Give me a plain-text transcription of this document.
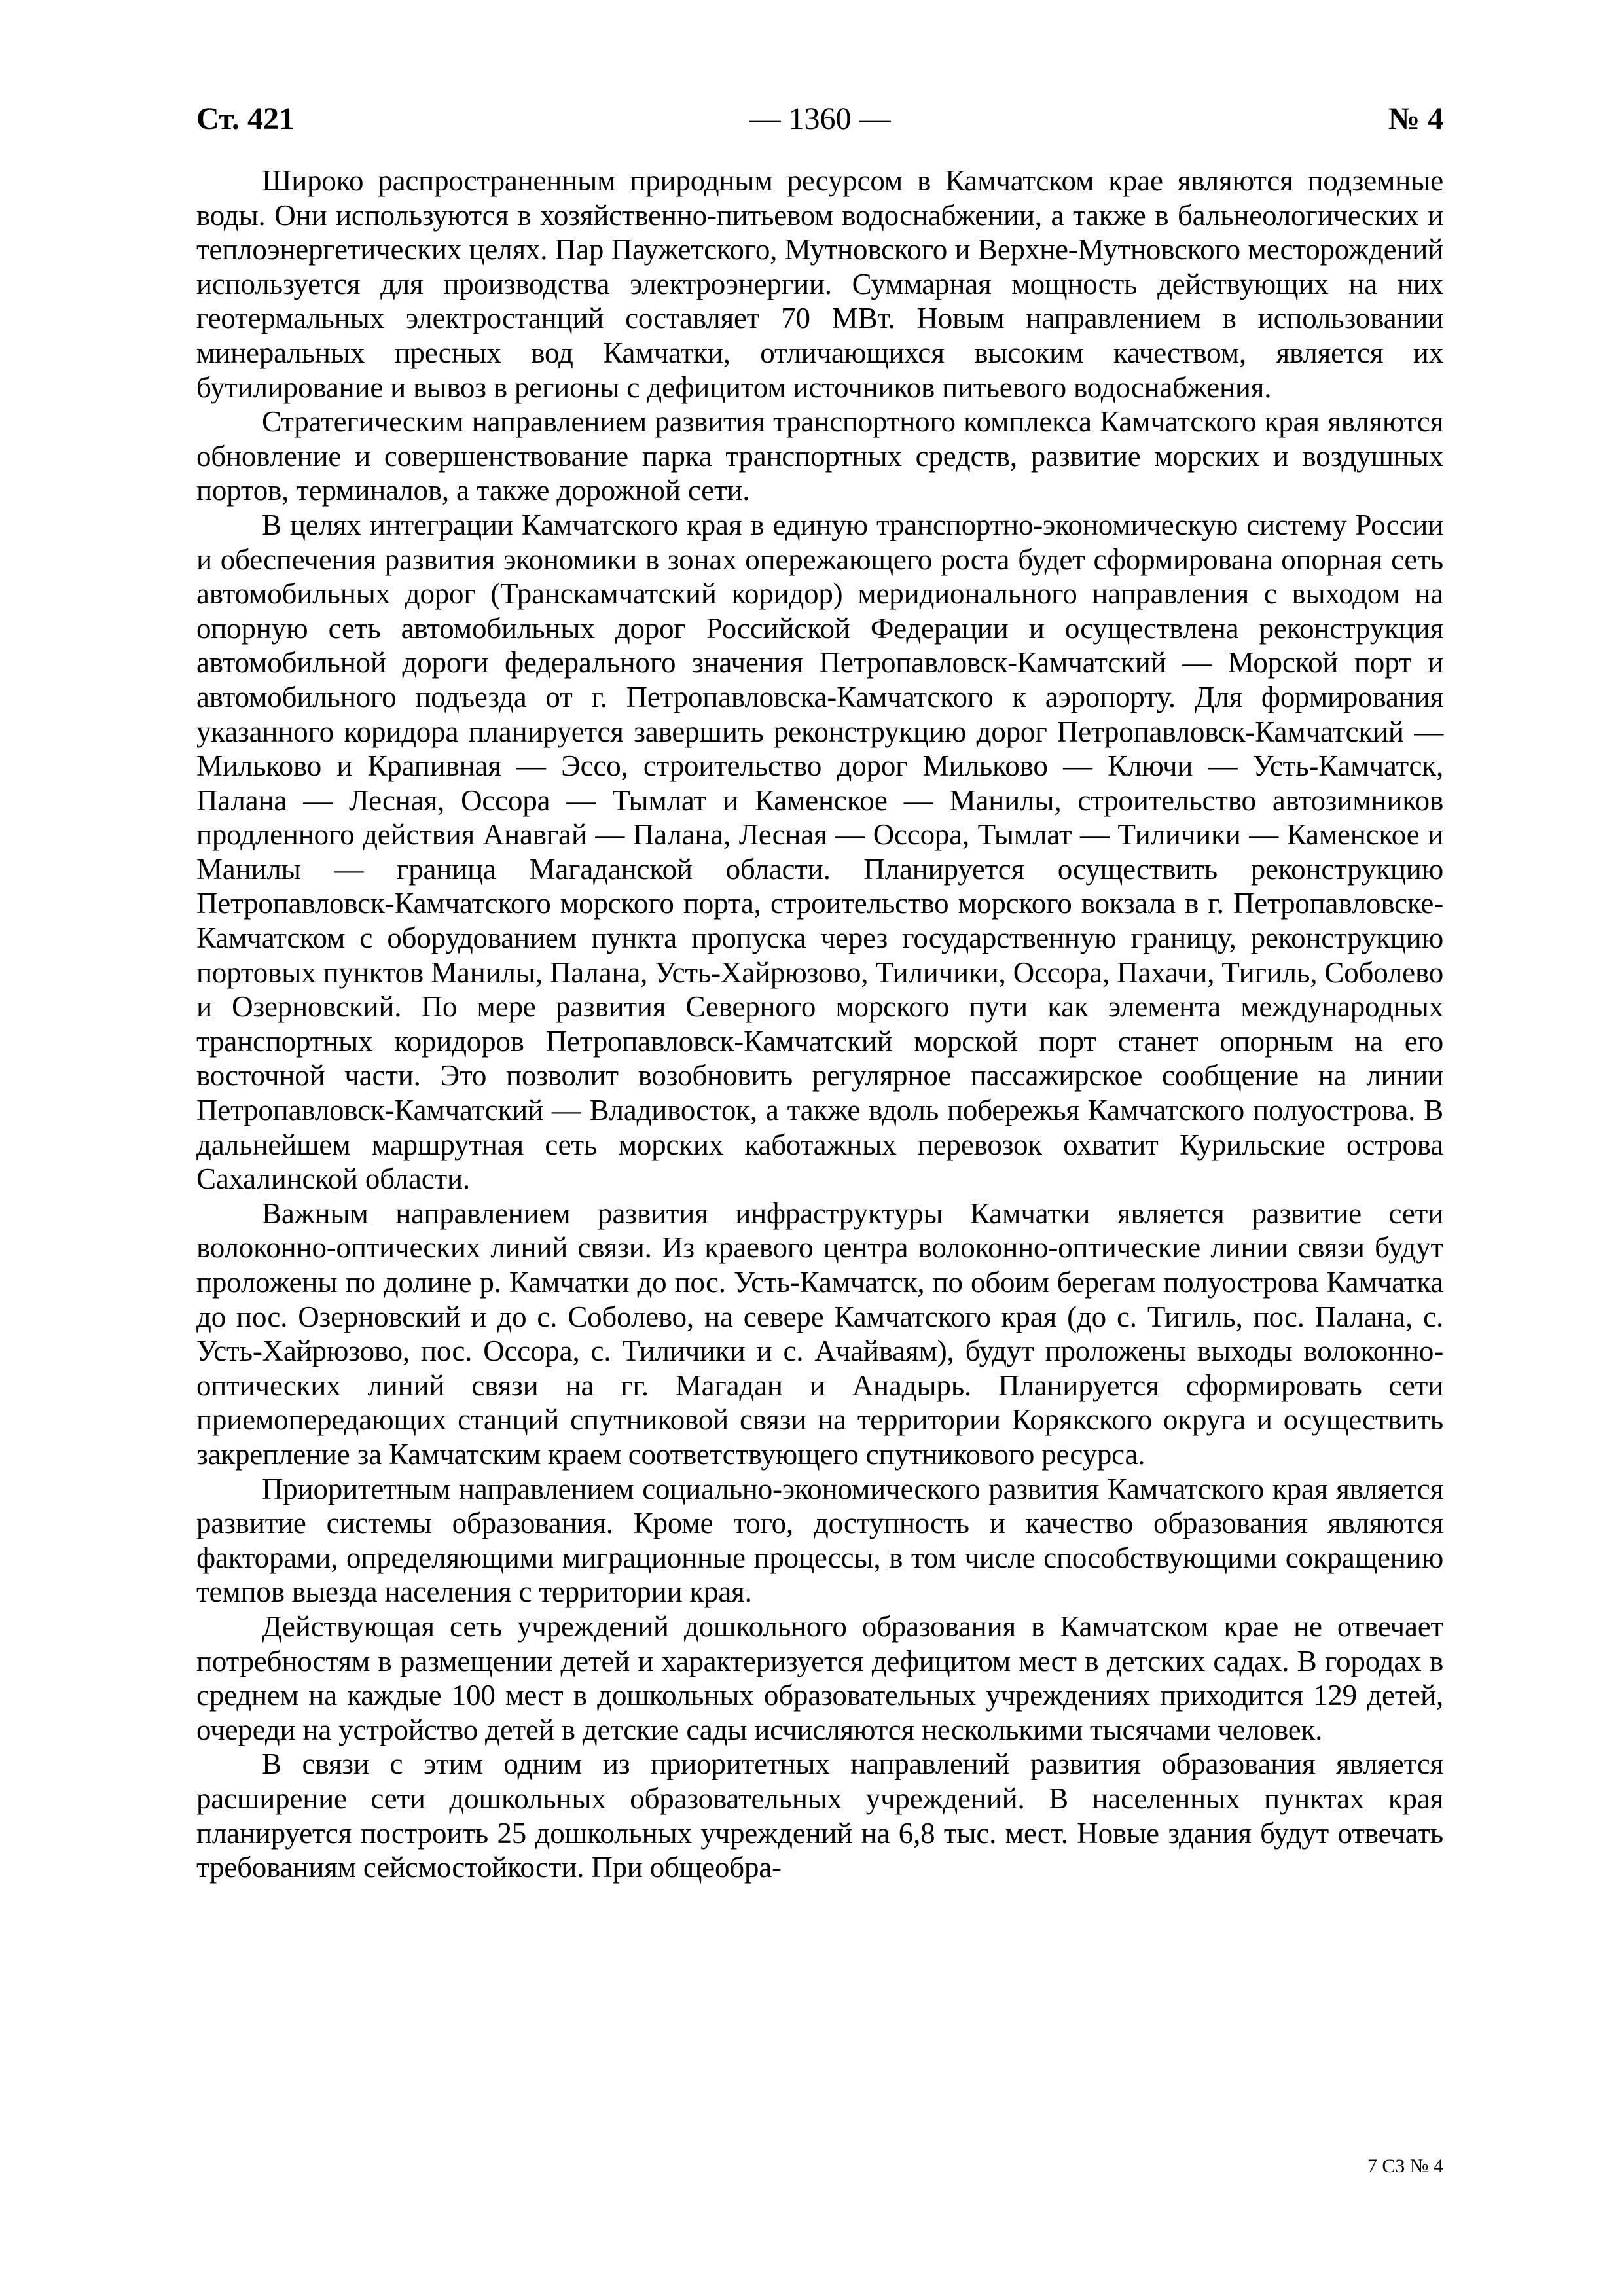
Ст. 421	— 1360 —	№ 4

Широко распространенным природным ресурсом в Камчатском крае являются подземные воды. Они используются в хозяйственно-питьевом водоснабжении, а также в бальнеологических и теплоэнергетических целях. Пар Паужетского, Мутновского и Верхне-Мутновского месторождений используется для производства электроэнергии. Суммарная мощность действующих на них геотермальных электростанций составляет 70 МВт. Новым направлением в использовании минеральных пресных вод Камчатки, отличающихся высоким качеством, является их бутилирование и вывоз в регионы с дефицитом источников питьевого водоснабжения.

Стратегическим направлением развития транспортного комплекса Камчатского края являются обновление и совершенствование парка транспортных средств, развитие морских и воздушных портов, терминалов, а также дорожной сети.

В целях интеграции Камчатского края в единую транспортно-экономическую систему России и обеспечения развития экономики в зонах опережающего роста будет сформирована опорная сеть автомобильных дорог (Транскамчатский коридор) меридионального направления с выходом на опорную сеть автомобильных дорог Российской Федерации и осуществлена реконструкция автомобильной дороги федерального значения Петропавловск-Камчатский — Морской порт и автомобильного подъезда от г. Петропавловска-Камчатского к аэропорту. Для формирования указанного коридора планируется завершить реконструкцию дорог Петропавловск-Камчатский — Мильково и Крапивная — Эссо, строительство дорог Мильково — Ключи — Усть-Камчатск, Палана — Лесная, Оссора — Тымлат и Каменское — Манилы, строительство автозимников продленного действия Анавгай — Палана, Лесная — Оссора, Тымлат — Тиличики — Каменское и Манилы — граница Магаданской области. Планируется осуществить реконструкцию Петропавловск-Камчатского морского порта, строительство морского вокзала в г. Петропавловске-Камчатском с оборудованием пункта пропуска через государственную границу, реконструкцию портовых пунктов Манилы, Палана, Усть-Хайрюзово, Тиличики, Оссора, Пахачи, Тигиль, Соболево и Озерновский. По мере развития Северного морского пути как элемента международных транспортных коридоров Петропавловск-Камчатский морской порт станет опорным на его восточной части. Это позволит возобновить регулярное пассажирское сообщение на линии Петропавловск-Камчатский — Владивосток, а также вдоль побережья Камчатского полуострова. В дальнейшем маршрутная сеть морских каботажных перевозок охватит Курильские острова Сахалинской области.

Важным направлением развития инфраструктуры Камчатки является развитие сети волоконно-оптических линий связи. Из краевого центра волоконно-оптические линии связи будут проложены по долине р. Камчатки до пос. Усть-Камчатск, по обоим берегам полуострова Камчатка до пос. Озерновский и до с. Соболево, на севере Камчатского края (до с. Тигиль, пос. Палана, с. Усть-Хайрюзово, пос. Оссора, с. Тиличики и с. Ачайваям), будут проложены выходы волоконно-оптических линий связи на гг. Магадан и Анадырь. Планируется сформировать сети приемопередающих станций спутниковой связи на территории Корякского округа и осуществить закрепление за Камчатским краем соответствующего спутникового ресурса.

Приоритетным направлением социально-экономического развития Камчатского края является развитие системы образования. Кроме того, доступность и качество образования являются факторами, определяющими миграционные процессы, в том числе способствующими сокращению темпов выезда населения с территории края.

Действующая сеть учреждений дошкольного образования в Камчатском крае не отвечает потребностям в размещении детей и характеризуется дефицитом мест в детских садах. В городах в среднем на каждые 100 мест в дошкольных образовательных учреждениях приходится 129 детей, очереди на устройство детей в детские сады исчисляются несколькими тысячами человек.

В связи с этим одним из приоритетных направлений развития образования является расширение сети дошкольных образовательных учреждений. В населенных пунктах края планируется построить 25 дошкольных учреждений на 6,8 тыс. мест. Новые здания будут отвечать требованиям сейсмостойкости. При общеобра-

7 СЗ № 4
